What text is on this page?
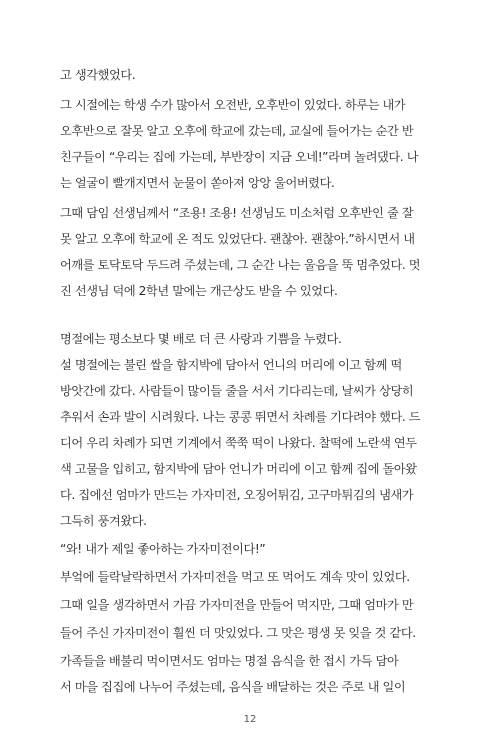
고 생각했었다.
그 시절에는 학생 수가 많아서 오전반, 오후반이 있었다. 하루는 내가
오후반으로 잘못 알고 오후에 학교에 갔는데, 교실에 들어가는 순간 반
친구들이 “우리는 집에 가는데, 부반장이 지금 오네!”라며 놀려댔다. 나
는 얼굴이 빨개지면서 눈물이 쏟아져 앙앙 울어버렸다.
그때 담임 선생님께서 “조용! 조용! 선생님도 미소처럼 오후반인 줄 잘
못 알고 오후에 학교에 온 적도 있었단다. 괜찮아. 괜찮아.”하시면서 내
어깨를 토닥토닥 두드려 주셨는데, 그 순간 나는 울음을 뚝 멈추었다. 멋
진 선생님 덕에 2학년 말에는 개근상도 받을 수 있었다.
명절에는 평소보다 몇 배로 더 큰 사랑과 기쁨을 누렸다.
설 명절에는 불린 쌀을 함지박에 담아서 언니의 머리에 이고 함께 떡
방앗간에 갔다. 사람들이 많이들 줄을 서서 기다리는데, 날씨가 상당히
추워서 손과 발이 시려웠다. 나는 콩콩 뛰면서 차례를 기다려야 했다. 드
디어 우리 차례가 되면 기계에서 쭉쭉 떡이 나왔다. 찰떡에 노란색 연두
색 고물을 입히고, 함지박에 담아 언니가 머리에 이고 함께 집에 돌아왔
다. 집에선 엄마가 만드는 가자미전, 오징어튀김, 고구마튀김의 냄새가
그득히 풍겨왔다.
“와! 내가 제일 좋아하는 가자미전이다!”
부엌에 들락날락하면서 가자미전을 먹고 또 먹어도 계속 맛이 있었다.
그때 일을 생각하면서 가끔 가자미전을 만들어 먹지만, 그때 엄마가 만
들어 주신 가자미전이 훨씬 더 맛있었다. 그 맛은 평생 못 잊을 것 같다.
가족들을 배불리 먹이면서도 엄마는 명절 음식을 한 접시 가득 담아
서 마을 집집에 나누어 주셨는데, 음식을 배달하는 것은 주로 내 일이
12
